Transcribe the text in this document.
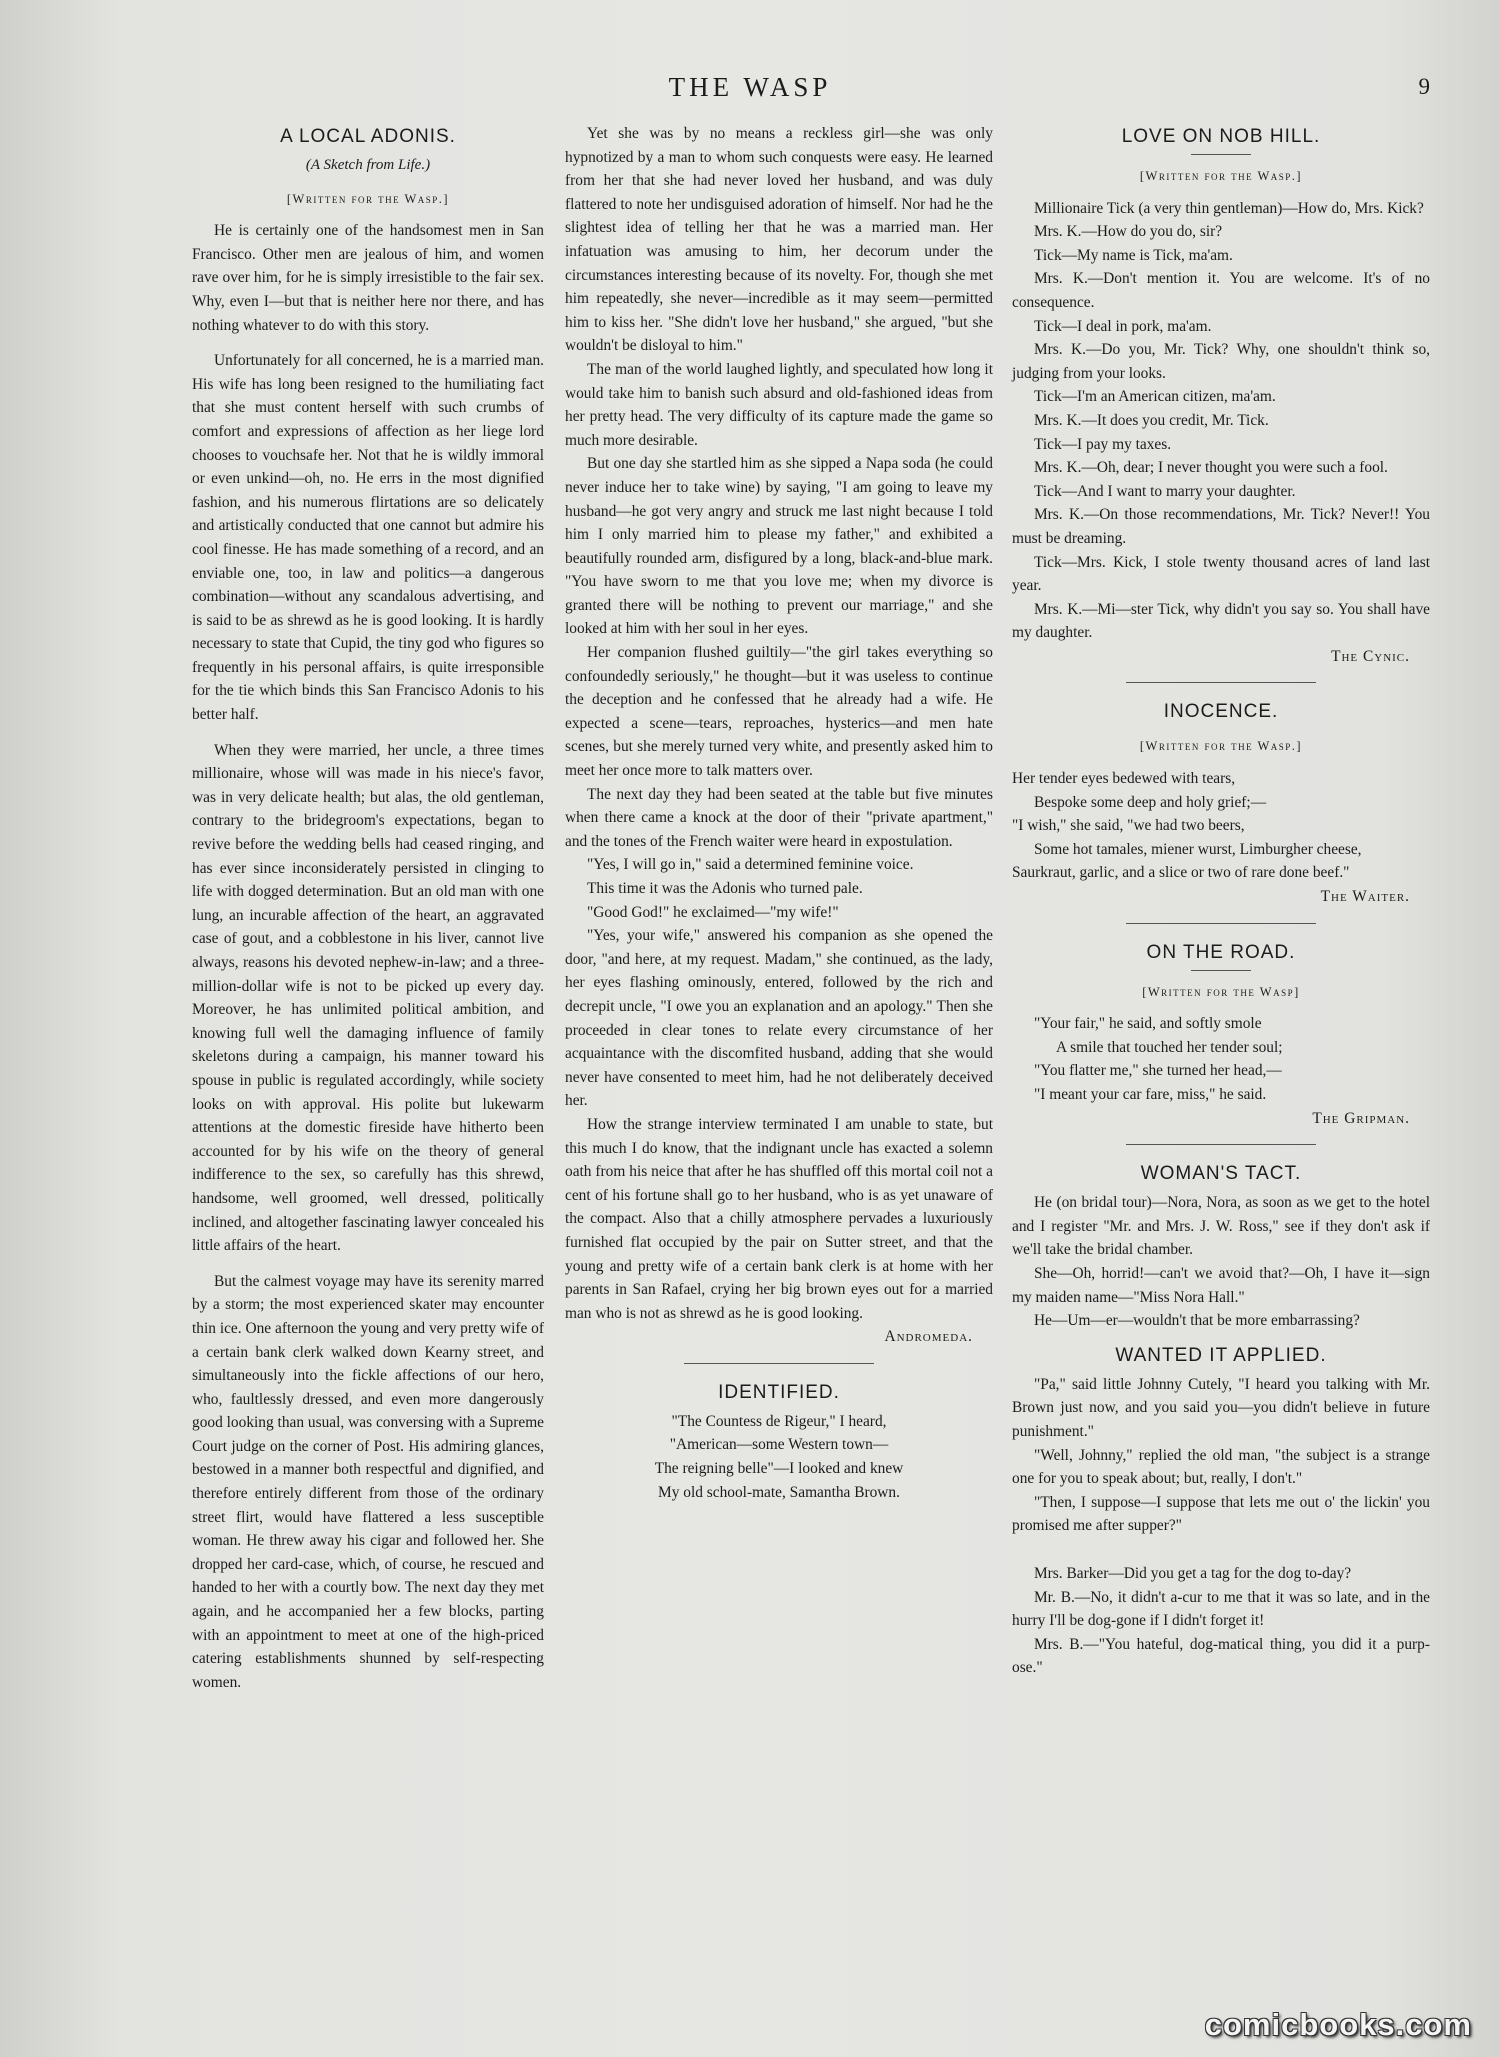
THE WASP	9
A LOCAL ADONIS.
(A Sketch from Life.)
[Written for the Wasp.]

He is certainly one of the handsomest men in San Francisco. Other men are jealous of him, and women rave over him, for he is simply irresistible to the fair sex. Why, even I—but that is neither here nor there, and has nothing whatever to do with this story.

Unfortunately for all concerned, he is a married man. His wife has long been resigned to the humiliating fact that she must content herself with such crumbs of comfort and expressions of affection as her liege lord chooses to vouchsafe her. Not that he is wildly immoral or even unkind—oh, no. He errs in the most dignified fashion, and his numerous flirtations are so delicately and artistically conducted that one cannot but admire his cool finesse. He has made something of a record, and an enviable one, too, in law and politics—a dangerous combination—without any scandalous advertising, and is said to be as shrewd as he is good looking. It is hardly necessary to state that Cupid, the tiny god who figures so frequently in his personal affairs, is quite irresponsible for the tie which binds this San Francisco Adonis to his better half.

When they were married, her uncle, a three times millionaire, whose will was made in his niece's favor, was in very delicate health; but alas, the old gentleman, contrary to the bridegroom's expectations, began to revive before the wedding bells had ceased ringing, and has ever since inconsiderately persisted in clinging to life with dogged determination. But an old man with one lung, an incurable affection of the heart, an aggravated case of gout, and a cobblestone in his liver, cannot live always, reasons his devoted nephew-in-law; and a three-million-dollar wife is not to be picked up every day. Moreover, he has unlimited political ambition, and knowing full well the damaging influence of family skeletons during a campaign, his manner toward his spouse in public is regulated accordingly, while society looks on with approval. His polite but lukewarm attentions at the domestic fireside have hitherto been accounted for by his wife on the theory of general indifference to the sex, so carefully has this shrewd, handsome, well groomed, well dressed, politically inclined, and altogether fascinating lawyer concealed his little affairs of the heart.

But the calmest voyage may have its serenity marred by a storm; the most experienced skater may encounter thin ice. One afternoon the young and very pretty wife of a certain bank clerk walked down Kearny street, and simultaneously into the fickle affections of our hero, who, faultlessly dressed, and even more dangerously good looking than usual, was conversing with a Supreme Court judge on the corner of Post. His admiring glances, bestowed in a manner both respectful and dignified, and therefore entirely different from those of the ordinary street flirt, would have flattered a less susceptible woman. He threw away his cigar and followed her. She dropped her card-case, which, of course, he rescued and handed to her with a courtly bow. The next day they met again, and he accompanied her a few blocks, parting with an appointment to meet at one of the high-priced catering establishments shunned by self-respecting women.

Yet she was by no means a reckless girl—she was only hypnotized by a man to whom such conquests were easy. He learned from her that she had never loved her husband, and was duly flattered to note her undisguised adoration of himself. Nor had he the slightest idea of telling her that he was a married man. Her infatuation was amusing to him, her decorum under the circumstances interesting because of its novelty. For, though she met him repeatedly, she never—incredible as it may seem—permitted him to kiss her. "She didn't love her husband," she argued, "but she wouldn't be disloyal to him."

The man of the world laughed lightly, and speculated how long it would take him to banish such absurd and old-fashioned ideas from her pretty head. The very difficulty of its capture made the game so much more desirable.

But one day she startled him as she sipped a Napa soda (he could never induce her to take wine) by saying, "I am going to leave my husband—he got very angry and struck me last night because I told him I only married him to please my father," and exhibited a beautifully rounded arm, disfigured by a long, black-and-blue mark. "You have sworn to me that you love me; when my divorce is granted there will be nothing to prevent our marriage," and she looked at him with her soul in her eyes.

Her companion flushed guiltily—"the girl takes everything so confoundedly seriously," he thought—but it was useless to continue the deception and he confessed that he already had a wife. He expected a scene—tears, reproaches, hysterics—and men hate scenes, but she merely turned very white, and presently asked him to meet her once more to talk matters over.

The next day they had been seated at the table but five minutes when there came a knock at the door of their "private apartment," and the tones of the French waiter were heard in expostulation.

"Yes, I will go in," said a determined feminine voice.

This time it was the Adonis who turned pale.

"Good God!" he exclaimed—"my wife!"

"Yes, your wife," answered his companion as she opened the door, "and here, at my request. Madam," she continued, as the lady, her eyes flashing ominously, entered, followed by the rich and decrepit uncle, "I owe you an explanation and an apology." Then she proceeded in clear tones to relate every circumstance of her acquaintance with the discomfited husband, adding that she would never have consented to meet him, had he not deliberately deceived her.

How the strange interview terminated I am unable to state, but this much I do know, that the indignant uncle has exacted a solemn oath from his neice that after he has shuffled off this mortal coil not a cent of his fortune shall go to her husband, who is as yet unaware of the compact. Also that a chilly atmosphere pervades a luxuriously furnished flat occupied by the pair on Sutter street, and that the young and pretty wife of a certain bank clerk is at home with her parents in San Rafael, crying her big brown eyes out for a married man who is not as shrewd as he is good looking.

Andromeda.
IDENTIFIED.
"The Countess de Rigeur," I heard,
"American—some Western town—
The reigning belle"—I looked and knew
My old school-mate, Samantha Brown.
LOVE ON NOB HILL.
[Written for the Wasp.]

Millionaire Tick (a very thin gentleman)—How do, Mrs. Kick?

Mrs. K.—How do you do, sir?

Tick—My name is Tick, ma'am.

Mrs. K.—Don't mention it. You are welcome. It's of no consequence.

Tick—I deal in pork, ma'am.

Mrs. K.—Do you, Mr. Tick? Why, one shouldn't think so, judging from your looks.

Tick—I'm an American citizen, ma'am.

Mrs. K.—It does you credit, Mr. Tick.

Tick—I pay my taxes.

Mrs. K.—Oh, dear; I never thought you were such a fool.

Tick—And I want to marry your daughter.

Mrs. K.—On those recommendations, Mr. Tick? Never!! You must be dreaming.

Tick—Mrs. Kick, I stole twenty thousand acres of land last year.

Mrs. K.—Mi—ster Tick, why didn't you say so. You shall have my daughter.

The Cynic.
INOCENCE.
[Written for the Wasp.]
Her tender eyes bedewed with tears,
Bespoke some deep and holy grief;—
"I wish," she said, "we had two beers,
Some hot tamales, miener wurst, Limburgher cheese,
Saurkraut, garlic, and a slice or two of rare done beef."
The Waiter.
ON THE ROAD.
[Written for the Wasp]
"Your fair," he said, and softly smole
A smile that touched her tender soul;
"You flatter me," she turned her head,—
"I meant your car fare, miss," he said.
The Gripman.
WOMAN'S TACT.

He (on bridal tour)—Nora, Nora, as soon as we get to the hotel and I register "Mr. and Mrs. J. W. Ross," see if they don't ask if we'll take the bridal chamber.

She—Oh, horrid!—can't we avoid that?—Oh, I have it—sign my maiden name—"Miss Nora Hall."

He—Um—er—wouldn't that be more embarrassing?

WANTED IT APPLIED.

"Pa," said little Johnny Cutely, "I heard you talking with Mr. Brown just now, and you said you—you didn't believe in future punishment."

"Well, Johnny," replied the old man, "the subject is a strange one for you to speak about; but, really, I don't."

"Then, I suppose—I suppose that lets me out o' the lickin' you promised me after supper?"

Mrs. Barker—Did you get a tag for the dog to-day?

Mr. B.—No, it didn't a-cur to me that it was so late, and in the hurry I'll be dog-gone if I didn't forget it!

Mrs. B.—"You hateful, dog-matical thing, you did it a purp-ose."

comicbooks.com
